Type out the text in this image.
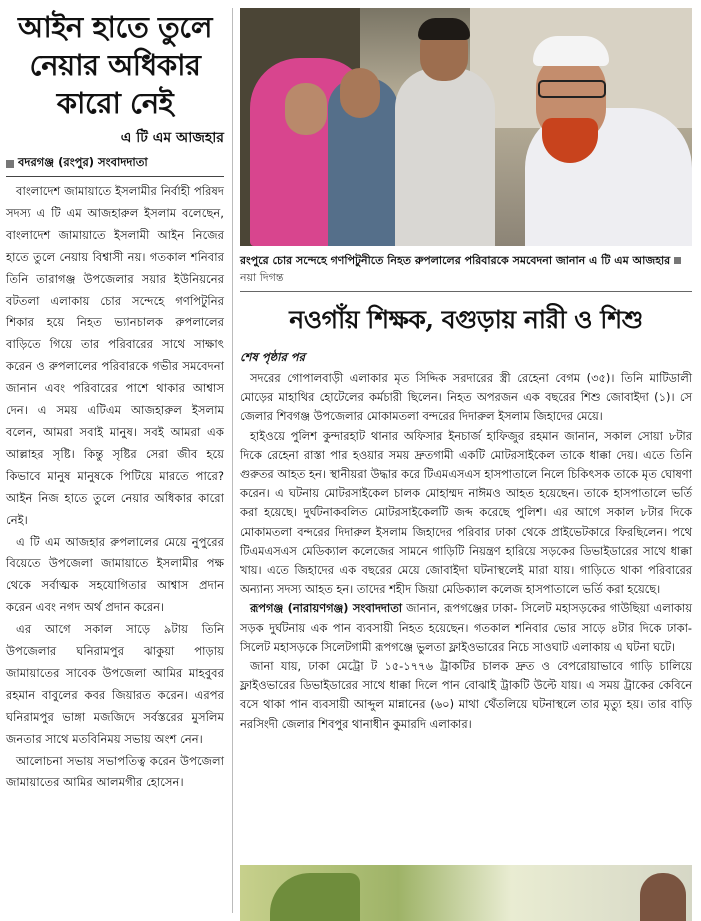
আইন হাতে তুলে নেয়ার অধিকার কারো নেই
এ টি এম আজহার
বদরগঞ্জ (রংপুর) সংবাদদাতা

বাংলাদেশ জামায়াতে ইসলামীর নির্বাহী পরিষদ সদস্য এ টি এম আজহারুল ইসলাম বলেছেন, বাংলাদেশ জামায়াতে ইসলামী আইন নিজের হাতে তুলে নেয়ায় বিশ্বাসী নয়। গতকাল শনিবার তিনি তারাগঞ্জ উপজেলার সয়ার ইউনিয়নের বটতলা এলাকায় চোর সন্দেহে গণপিটুনির শিকার হয়ে নিহত ভ্যানচালক রুপলালের বাড়িতে গিয়ে তার পরিবারের সাথে সাক্ষাৎ করেন ও রুপলালের পরিবারকে গভীর সমবেদনা জানান এবং পরিবারের পাশে থাকার আশ্বাস দেন। এ সময় এটিএম আজহারুল ইসলাম বলেন, আমরা সবাই মানুষ। সবই আমরা এক আল্লাহর সৃষ্টি। কিন্তু সৃষ্টির সেরা জীব হয়ে কিভাবে মানুষ মানুষকে পিটিয়ে মারতে পারে? আইন নিজ হাতে তুলে নেয়ার অধিকার কারো নেই।

এ টি এম আজহার রুপলালের মেয়ে নুপুরের বিয়েতে উপজেলা জামায়াতে ইসলামীর পক্ষ থেকে সর্বাত্মক সহযোগিতার আশ্বাস প্রদান করেন এবং নগদ অর্থ প্রদান করেন।

এর আগে সকাল সাড়ে ৯টায় তিনি উপজেলার ঘনিরামপুর ঝাকুয়া পাড়ায় জামায়াতের সাবেক উপজেলা আমির মাহবুবর রহমান বাবুলের কবর জিয়ারত করেন। এরপর ঘনিরামপুর ভাঙ্গা মজজিদে সর্বস্তরের মুসলিম জনতার সাথে মতবিনিময় সভায় অংশ নেন।

আলোচনা সভায় সভাপতিত্ব করেন উপজেলা জামায়াতের আমির আলমগীর হোসেন।

রংপুরে চোর সন্দেহে গণপিটুনীতে নিহত রুপলালের পরিবারকে সমবেদনা জানান এ টি এম আজহারনয়া দিগন্ত
নওগাঁয় শিক্ষক, বগুড়ায় নারী ও শিশু
শেষ পৃষ্ঠার পর

সদরের গোপালবাড়ী এলাকার মৃত সিদ্দিক সরদারের স্ত্রী রেহেনা বেগম (৩৫)। তিনি মাটিডালী মোড়ের মাহাথির হোটেলের কর্মচারী ছিলেন। নিহত অপরজন এক বছরের শিশু জোবাইদা (১)। সে জেলার শিবগঞ্জ উপজেলার মোকামতলা বন্দরের দিদারুল ইসলাম জিহাদের মেয়ে।

হাইওয়ে পুলিশ কুন্দারহাট থানার অফিসার ইনচার্জ হাফিজুর রহমান জানান, সকাল সোয়া ৮টার দিকে রেহেনা রাস্তা পার হওয়ার সময় দ্রুতগামী একটি মোটরসাইকেল তাকে ধাক্কা দেয়। এতে তিনি গুরুতর আহত হন। স্থানীয়রা উদ্ধার করে টিএমএসএস হাসপাতালে নিলে চিকিৎসক তাকে মৃত ঘোষণা করেন। এ ঘটনায় মোটরসাইকেল চালক মোহাম্মদ নাঈমও আহত হয়েছেন। তাকে হাসপাতালে ভর্তি করা হয়েছে। দুর্ঘটনাকবলিত মোটরসাইকেলটি জব্দ করেছে পুলিশ। এর আগে সকাল ৮টার দিকে মোকামতলা বন্দরের দিদারুল ইসলাম জিহাদের পরিবার ঢাকা থেকে প্রাইভেটকারে ফিরছিলেন। পথে টিএমএসএস মেডিক্যাল কলেজের সামনে গাড়িটি নিয়ন্ত্রণ হারিয়ে সড়কের ডিভাইডারের সাথে ধাক্কা খায়। এতে জিহাদের এক বছরের মেয়ে জোবাইদা ঘটনাস্থলেই মারা যায়। গাড়িতে থাকা পরিবারের অন্যান্য সদস্য আহত হন। তাদের শহীদ জিয়া মেডিক্যাল কলেজ হাসপাতালে ভর্তি করা হয়েছে।

রূপগঞ্জ (নারায়ণগঞ্জ) সংবাদদাতা জানান, রূপগঞ্জের ঢাকা- সিলেট মহাসড়কের গাউছিয়া এলাকায় সড়ক দুর্ঘটনায় এক পান ব্যবসায়ী নিহত হয়েছেন। গতকাল শনিবার ভোর সাড়ে ৪টার দিকে ঢাকা-সিলেট মহাসড়কে সিলেটগামী রূপগঞ্জে ভুলতা ফ্লাইওভারের নিচে সাওঘাট এলাকায় এ ঘটনা ঘটে।

জানা যায়, ঢাকা মেট্রো ট ১৫-১৭৭৬ ট্রাকটির চালক দ্রুত ও বেপরোয়াভাবে গাড়ি চালিয়ে ফ্লাইওভারের ডিভাইডারের সাথে ধাক্কা দিলে পান বোঝাই ট্রাকটি উল্টে যায়। এ সময় ট্রাকের কেবিনে বসে থাকা পান ব্যবসায়ী আব্দুল মান্নানের (৬০) মাথা থেঁতলিয়ে ঘটনাস্থলে তার মৃত্যু হয়। তার বাড়ি নরসিংদী জেলার শিবপুর থানাধীন কুমারদি এলাকার।
